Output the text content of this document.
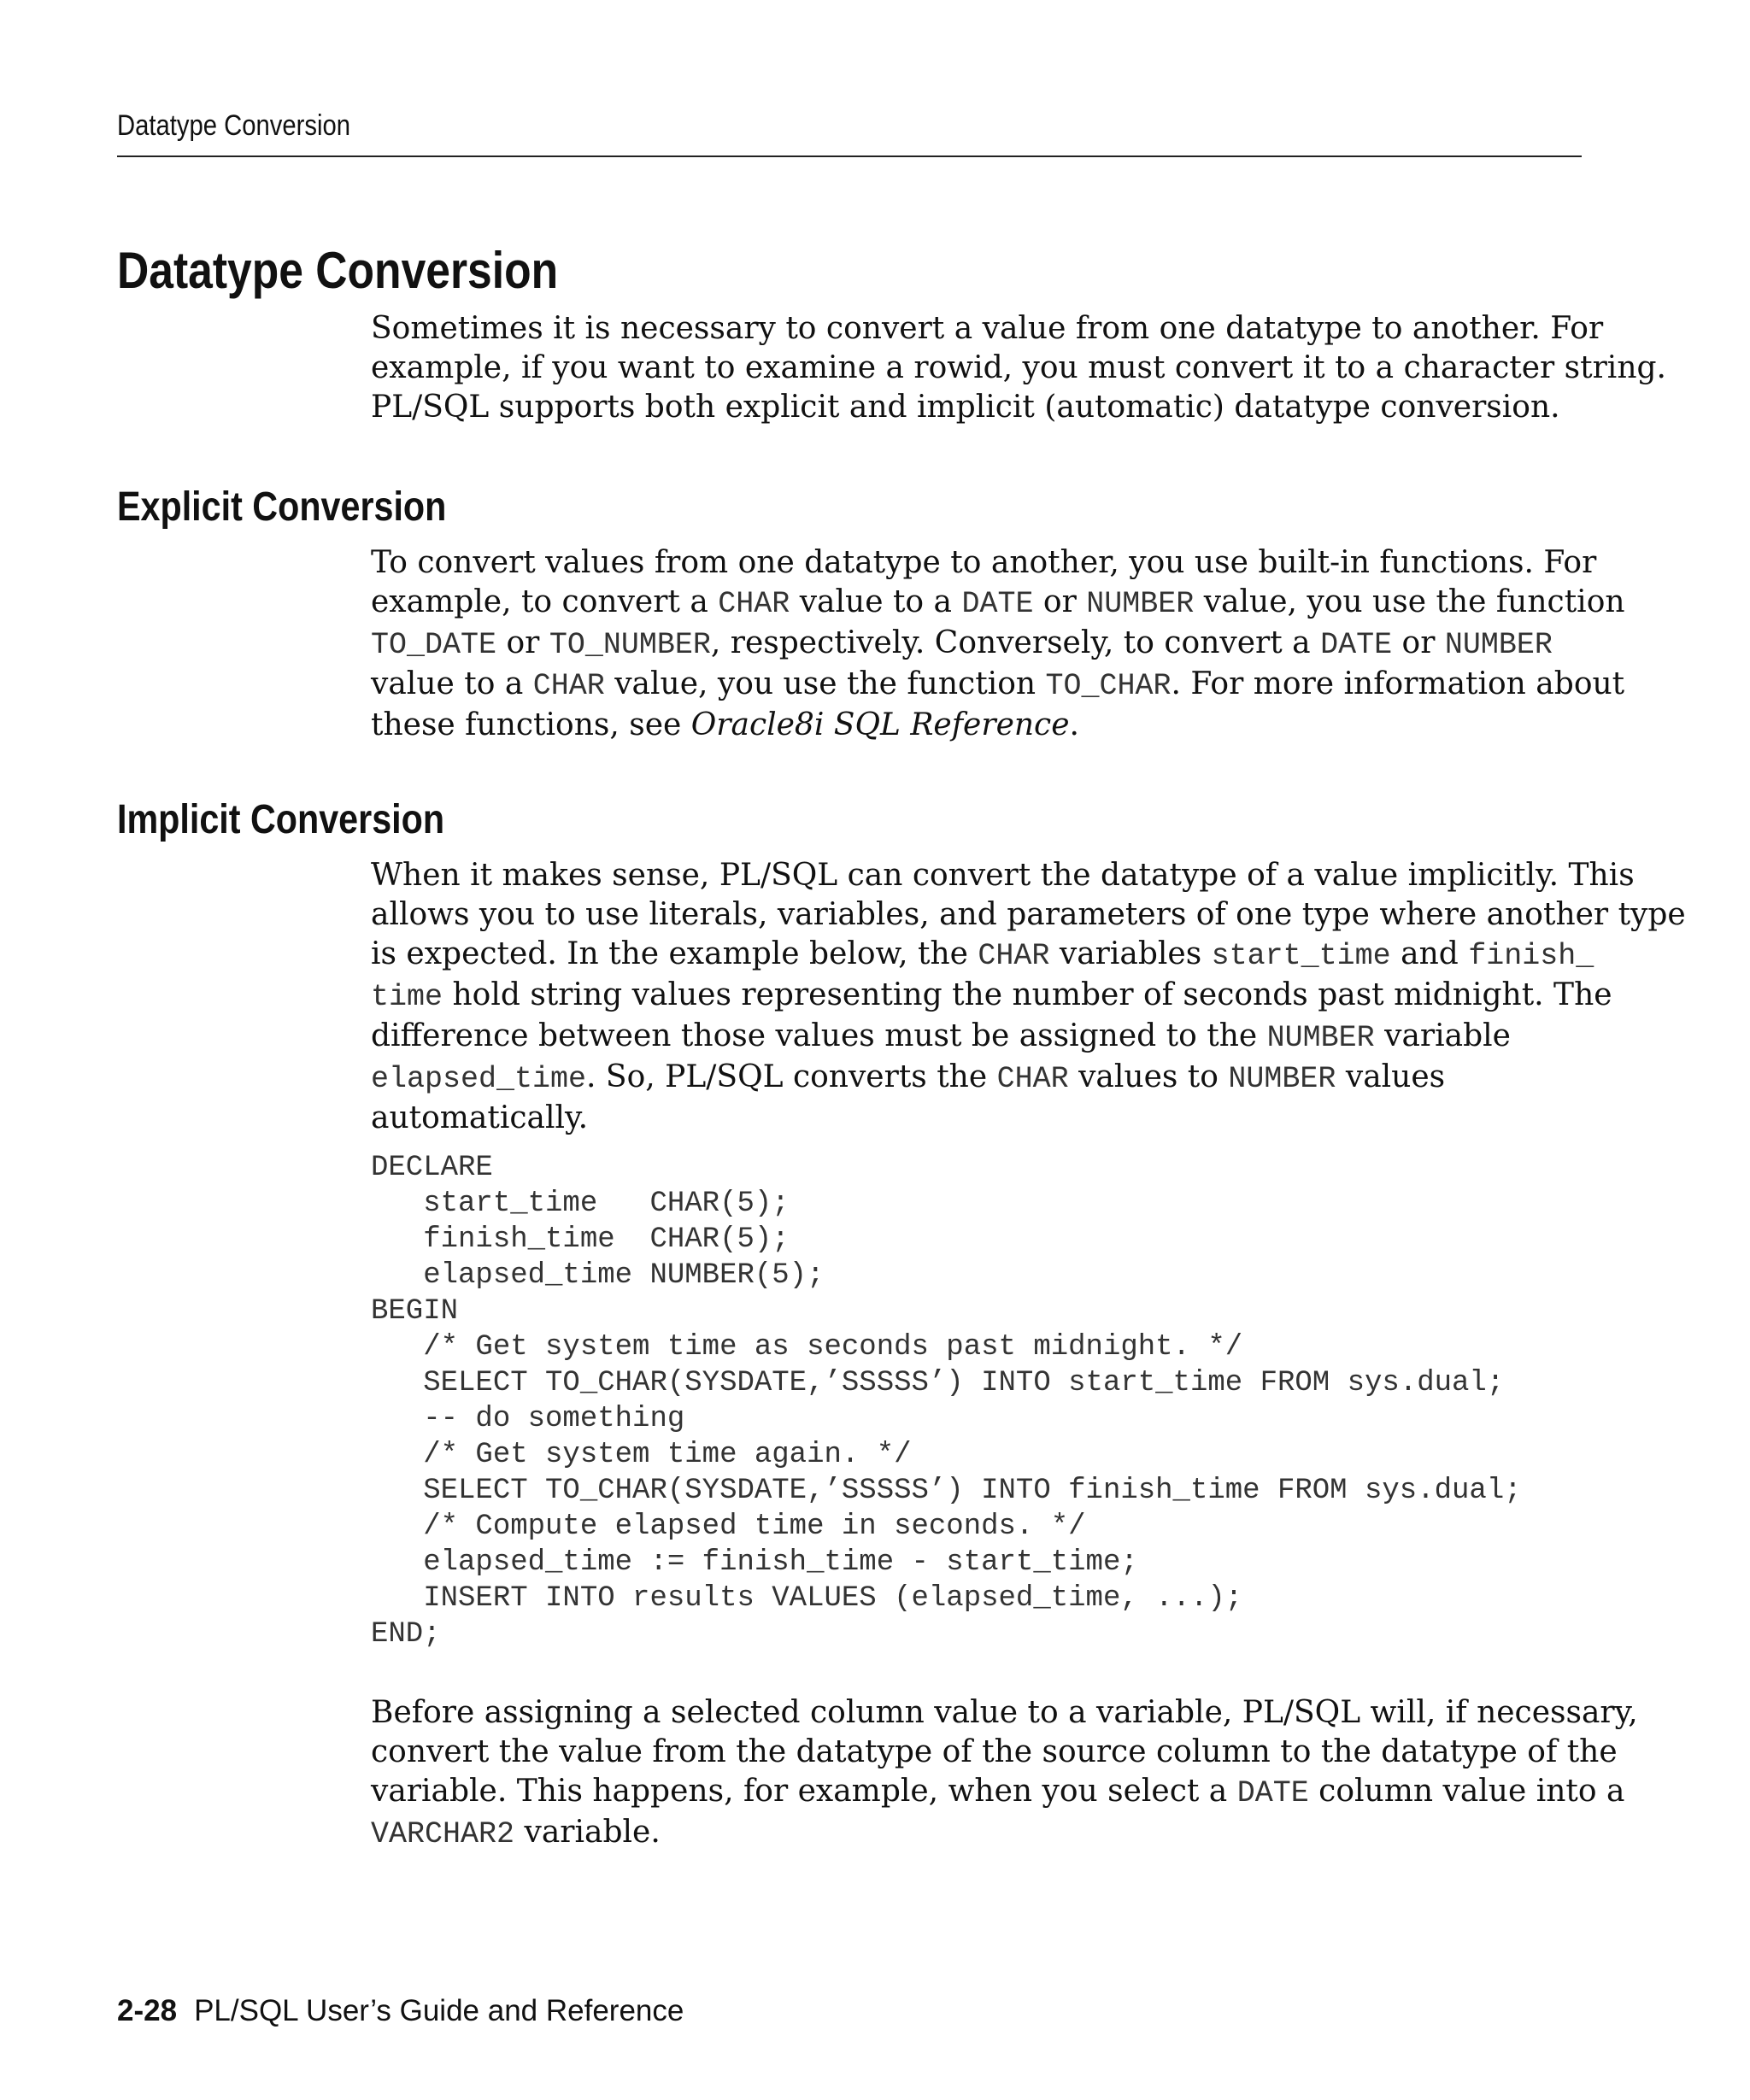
Datatype Conversion
Datatype Conversion
Sometimes it is necessary to convert a value from one datatype to another. For
example, if you want to examine a rowid, you must convert it to a character string.
PL/SQL supports both explicit and implicit (automatic) datatype conversion.
Explicit Conversion
To convert values from one datatype to another, you use built-in functions. For
example, to convert a CHAR value to a DATE or NUMBER value, you use the function
TO_DATE or TO_NUMBER, respectively. Conversely, to convert a DATE or NUMBER
value to a CHAR value, you use the function TO_CHAR. For more information about
these functions, see Oracle8i SQL Reference.
Implicit Conversion
When it makes sense, PL/SQL can convert the datatype of a value implicitly. This
allows you to use literals, variables, and parameters of one type where another type
is expected. In the example below, the CHAR variables start_time and finish_
time hold string values representing the number of seconds past midnight. The
difference between those values must be assigned to the NUMBER variable
elapsed_time. So, PL/SQL converts the CHAR values to NUMBER values
automatically.
DECLARE
start_time   CHAR(5);
finish_time  CHAR(5);
elapsed_time NUMBER(5);
BEGIN
/* Get system time as seconds past midnight. */
SELECT TO_CHAR(SYSDATE,’SSSSS’) INTO start_time FROM sys.dual;
-- do something
/* Get system time again. */
SELECT TO_CHAR(SYSDATE,’SSSSS’) INTO finish_time FROM sys.dual;
/* Compute elapsed time in seconds. */
elapsed_time := finish_time - start_time;
INSERT INTO results VALUES (elapsed_time, ...);
END;
Before assigning a selected column value to a variable, PL/SQL will, if necessary,
convert the value from the datatype of the source column to the datatype of the
variable. This happens, for example, when you select a DATE column value into a
VARCHAR2 variable.
2-28 PL/SQL User’s Guide and Reference
